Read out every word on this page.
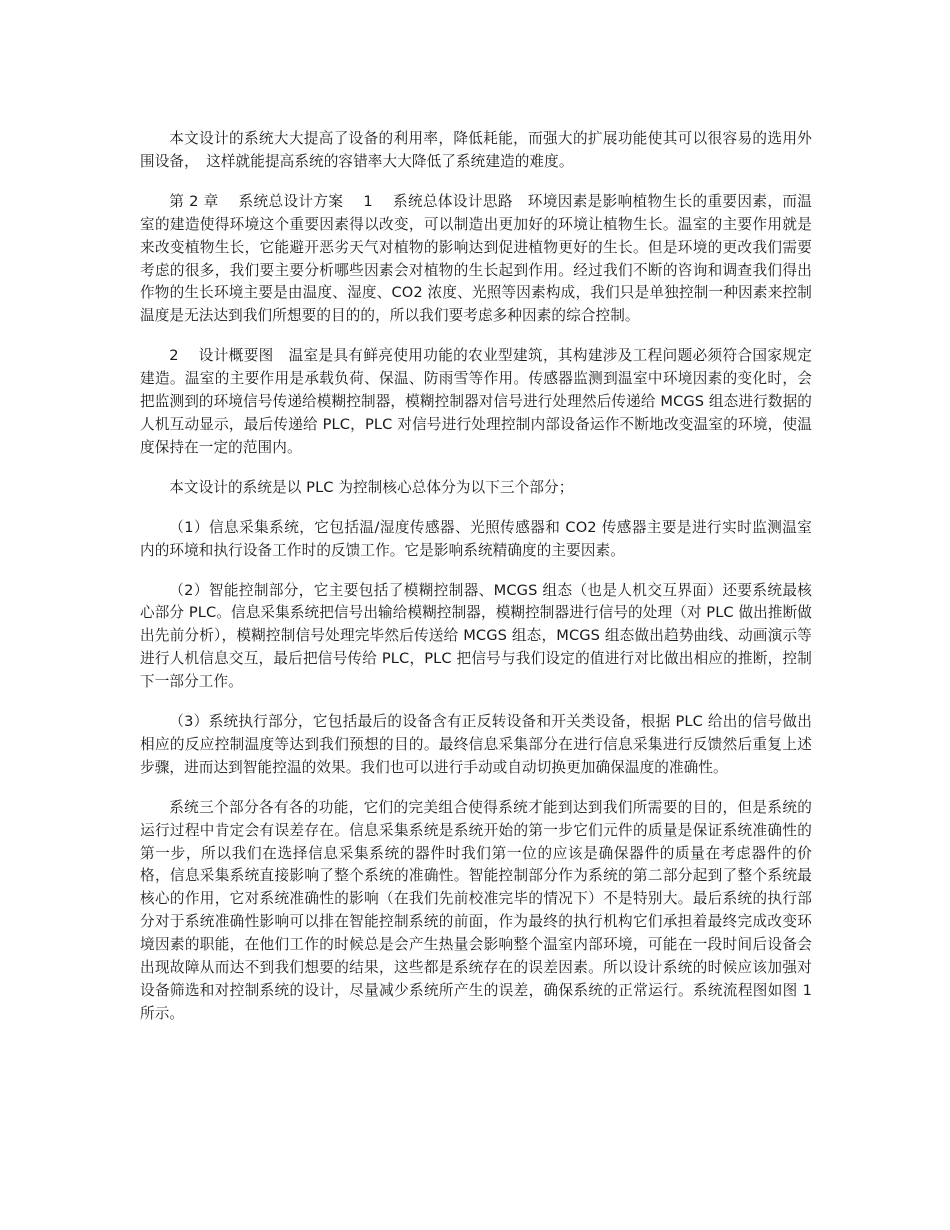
本文设计的系统大大提高了设备的利用率，降低耗能，而强大的扩展功能使其可以很容易的选用外围设备，　这样就能提高系统的容错率大大降低了系统建造的难度。

第 2 章　 系统总设计方案　 1　 系统总体设计思路　环境因素是影响植物生长的重要因素，而温室的建造使得环境这个重要因素得以改变，可以制造出更加好的环境让植物生长。温室的主要作用就是来改变植物生长，它能避开恶劣天气对植物的影响达到促进植物更好的生长。但是环境的更改我们需要考虑的很多，我们要主要分析哪些因素会对植物的生长起到作用。经过我们不断的咨询和调查我们得出作物的生长环境主要是由温度、湿度、CO2 浓度、光照等因素构成，我们只是单独控制一种因素来控制温度是无法达到我们所想要的目的的，所以我们要考虑多种因素的综合控制。

2　 设计概要图　温室是具有鲜亮使用功能的农业型建筑，其构建涉及工程问题必须符合国家规定建造。温室的主要作用是承载负荷、保温、防雨雪等作用。传感器监测到温室中环境因素的变化时，会把监测到的环境信号传递给模糊控制器，模糊控制器对信号进行处理然后传递给 MCGS 组态进行数据的人机互动显示，最后传递给 PLC，PLC 对信号进行处理控制内部设备运作不断地改变温室的环境，使温度保持在一定的范围内。

本文设计的系统是以 PLC 为控制核心总体分为以下三个部分；

（1）信息采集系统，它包括温/湿度传感器、光照传感器和 CO2 传感器主要是进行实时监测温室内的环境和执行设备工作时的反馈工作。它是影响系统精确度的主要因素。

（2）智能控制部分，它主要包括了模糊控制器、MCGS 组态（也是人机交互界面）还要系统最核心部分 PLC。信息采集系统把信号出输给模糊控制器，模糊控制器进行信号的处理（对 PLC 做出推断做出先前分析），模糊控制信号处理完毕然后传送给 MCGS 组态，MCGS 组态做出趋势曲线、动画演示等进行人机信息交互，最后把信号传给 PLC，PLC 把信号与我们设定的值进行对比做出相应的推断，控制下一部分工作。

（3）系统执行部分，它包括最后的设备含有正反转设备和开关类设备，根据 PLC 给出的信号做出相应的反应控制温度等达到我们预想的目的。最终信息采集部分在进行信息采集进行反馈然后重复上述步骤，进而达到智能控温的效果。我们也可以进行手动或自动切换更加确保温度的准确性。

系统三个部分各有各的功能，它们的完美组合使得系统才能到达到我们所需要的目的，但是系统的运行过程中肯定会有误差存在。信息采集系统是系统开始的第一步它们元件的质量是保证系统准确性的第一步，所以我们在选择信息采集系统的器件时我们第一位的应该是确保器件的质量在考虑器件的价格，信息采集系统直接影响了整个系统的准确性。智能控制部分作为系统的第二部分起到了整个系统最核心的作用，它对系统准确性的影响（在我们先前校准完毕的情况下）不是特别大。最后系统的执行部分对于系统准确性影响可以排在智能控制系统的前面，作为最终的执行机构它们承担着最终完成改变环境因素的职能，在他们工作的时候总是会产生热量会影响整个温室内部环境，可能在一段时间后设备会出现故障从而达不到我们想要的结果，这些都是系统存在的误差因素。所以设计系统的时候应该加强对设备筛选和对控制系统的设计，尽量减少系统所产生的误差，确保系统的正常运行。系统流程图如图 1 所示。
